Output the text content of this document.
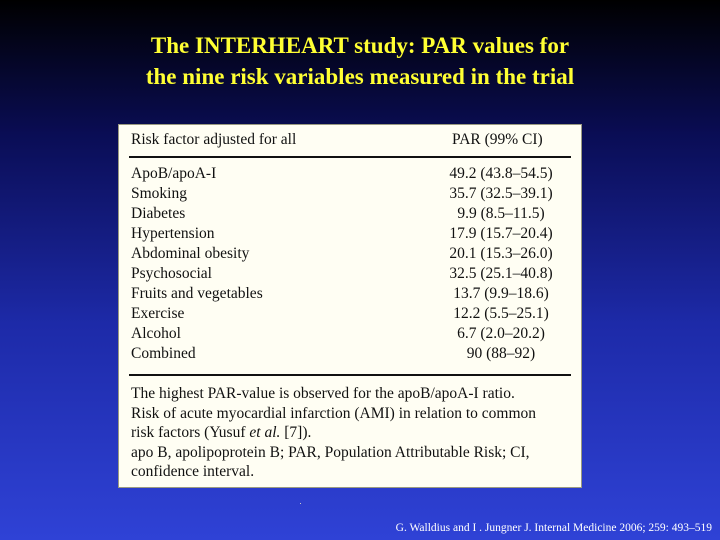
The INTERHEART study: PAR values for
the nine risk variables measured in the trial
Risk factor adjusted for all	PAR (99% CI)
ApoB/apoA-I	49.2 (43.8–54.5)
Smoking	35.7 (32.5–39.1)
Diabetes	9.9 (8.5–11.5)
Hypertension	17.9 (15.7–20.4)
Abdominal obesity	20.1 (15.3–26.0)
Psychosocial	32.5 (25.1–40.8)
Fruits and vegetables	13.7 (9.9–18.6)
Exercise	12.2 (5.5–25.1)
Alcohol	6.7 (2.0–20.2)
Combined	90 (88–92)
The highest PAR-value is observed for the apoB/apoA-I ratio.
Risk of acute myocardial infarction (AMI) in relation to common
risk factors (Yusuf et al. [7]).
apo B, apolipoprotein B; PAR, Population Attributable Risk; CI,
confidence interval.
G. Walldius and I . Jungner J. Internal Medicine 2006; 259: 493–519
